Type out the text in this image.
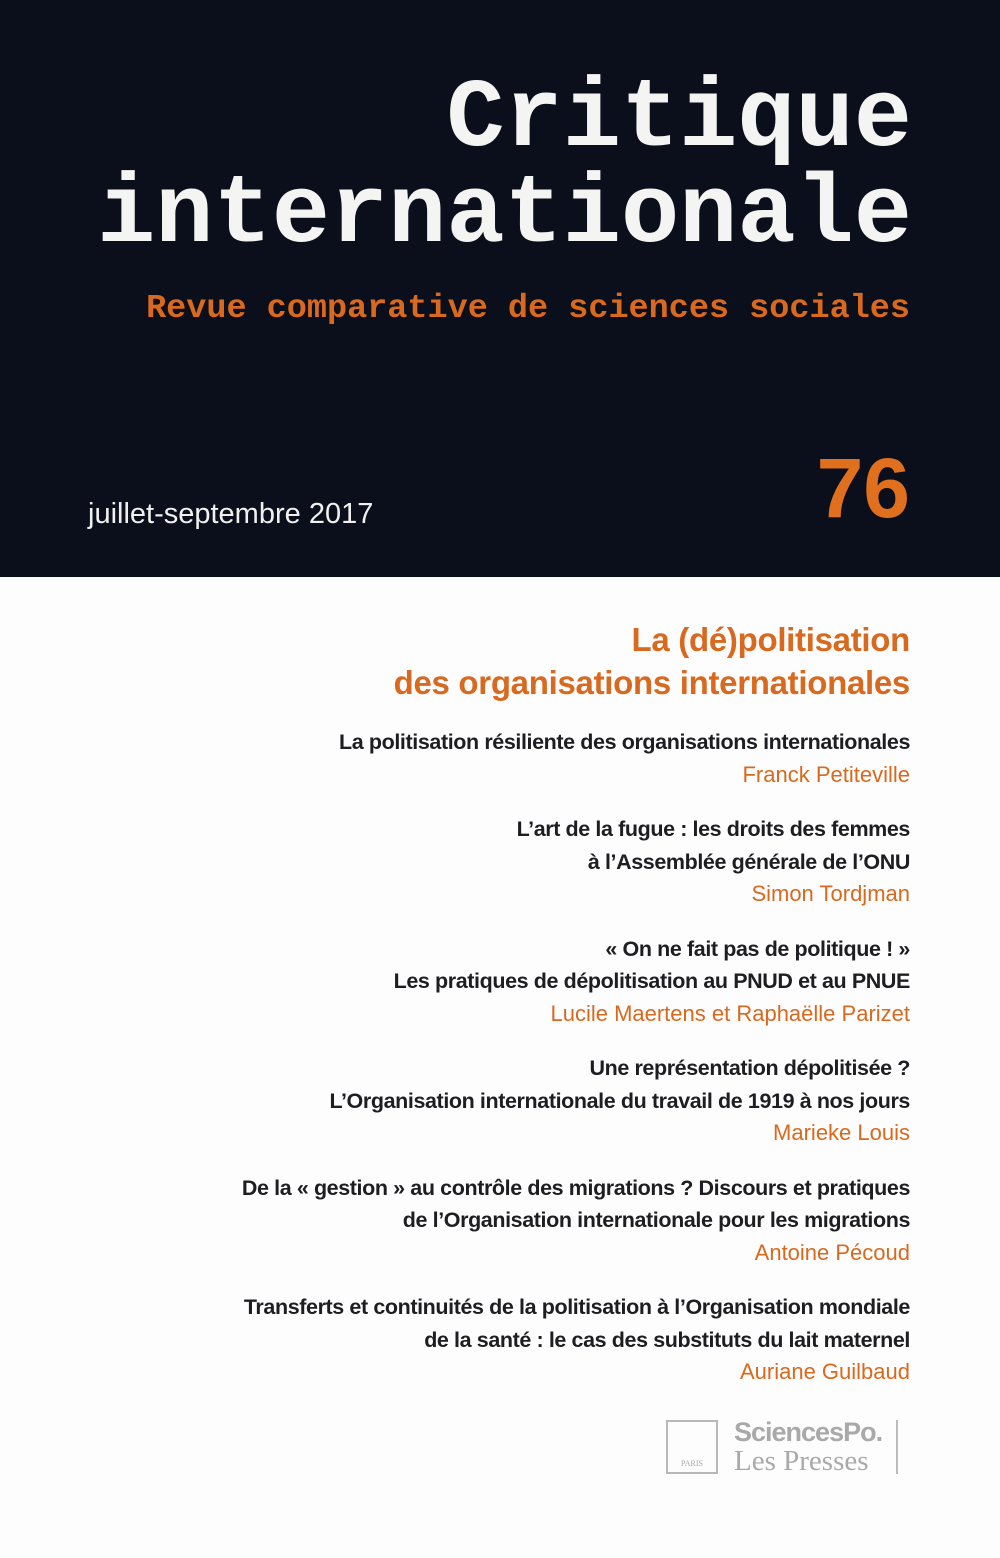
Critique
internationale
Revue comparative de sciences sociales
juillet-septembre 2017	76
La (dé)politisation
des organisations internationales
La politisation résiliente des organisations internationales
Franck Petiteville
L’art de la fugue : les droits des femmes
à l’Assemblée générale de l’ONU
Simon Tordjman
« On ne fait pas de politique ! »
Les pratiques de dépolitisation au PNUD et au PNUE
Lucile Maertens et Raphaëlle Parizet
Une représentation dépolitisée ?
L’Organisation internationale du travail de 1919 à nos jours
Marieke Louis
De la « gestion » au contrôle des migrations ? Discours et pratiques
de l’Organisation internationale pour les migrations
Antoine Pécoud
Transferts et continuités de la politisation à l’Organisation mondiale
de la santé : le cas des substituts du lait maternel
Auriane Guilbaud
PARIS
SciencesPo.
Les Presses
